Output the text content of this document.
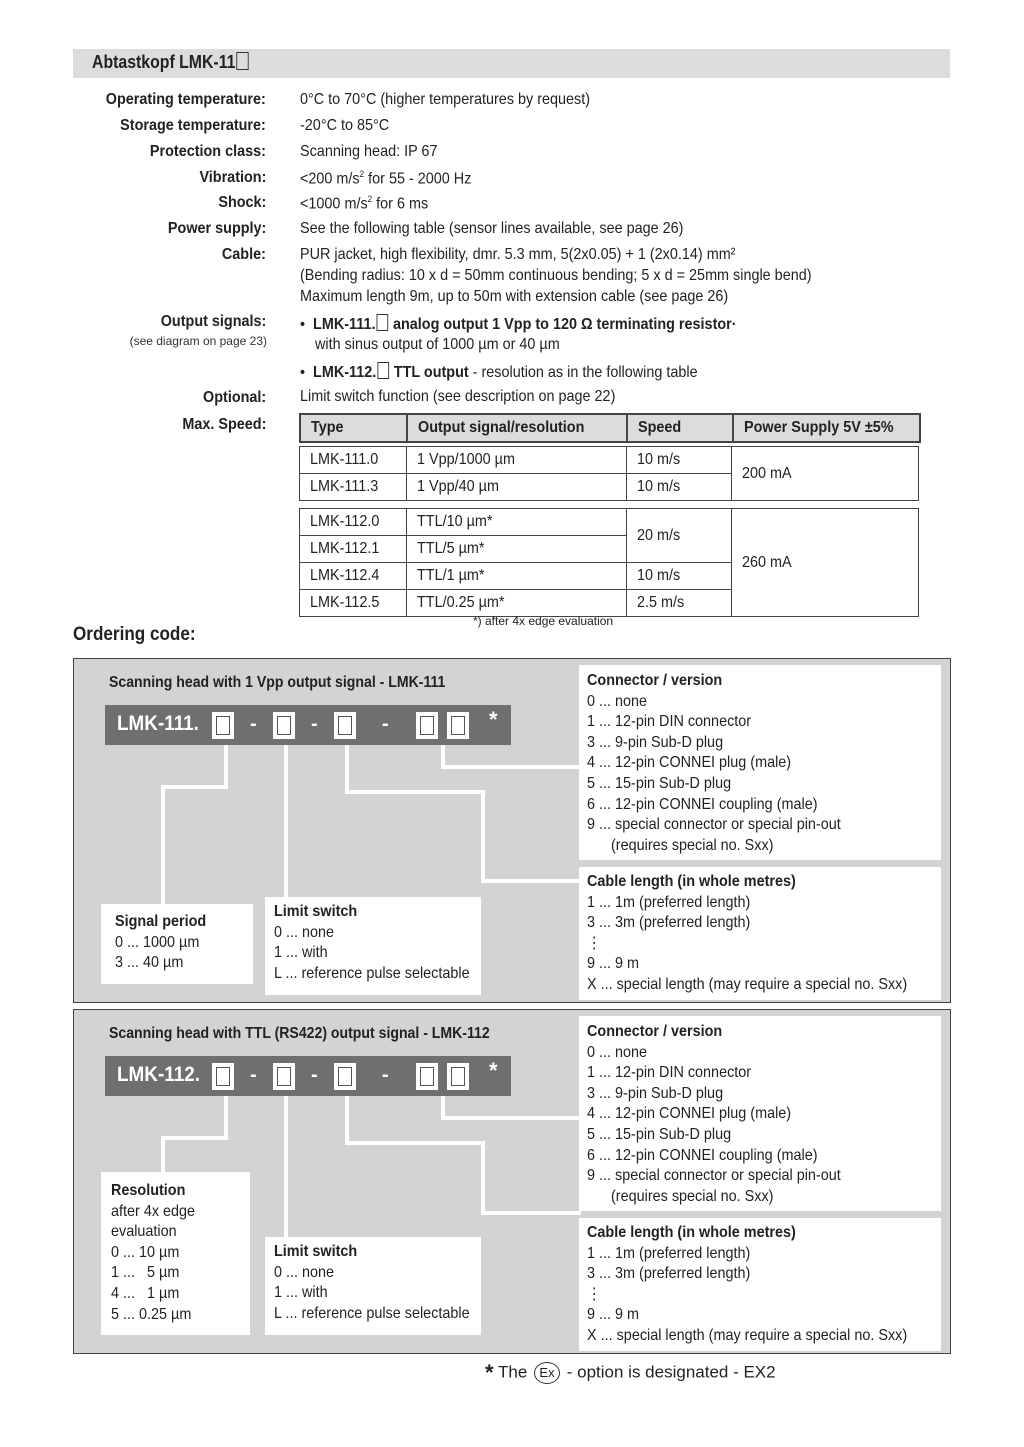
Abtastkopf LMK-11
Operating temperature: 0°C to 70°C (higher temperatures by request)
Storage temperature: -20°C to 85°C
Protection class: Scanning head: IP 67
Vibration: <200 $m/s^2$ for 55 - 2000 Hz
Shock: <1000 $m/s^2$ for 6 ms
Power supply: See the following table (sensor lines available, see page 26)
Cable: PUR jacket, high flexibility, dmr. 5.3 mm, 5(2x0.05) + 1 (2x0.14) mm²
(Bending radius: 10 x d = 50mm continuous bending; 5 x d = 25mm single bend)
Maximum length 9m, up to 50m with extension cable (see page 26)
Output signals:
(see diagram on page 23)
•  LMK-111. analog output 1 Vpp to 120 Ω terminating resistor·
with sinus output of 1000 µm or 40 µm
•  LMK-112. TTL output - resolution as in the following table
Optional: Limit switch function (see description on page 22)
Max. Speed:	Type	Output signal/resolution	Speed	Power Supply 5V ±5%
LMK-111.0	1 Vpp/1000 µm	10 m/s	200 mA
LMK-111.3	1 Vpp/40 µm	10 m/s	
LMK-112.0	TTL/10 µm*	20 m/s	260 mA
LMK-112.1	TTL/5 µm*		
LMK-112.4	TTL/1 µm*	10 m/s	
LMK-112.5	TTL/0.25 µm*	2.5 m/s	
*) after 4x edge evaluation
Ordering code:
Scanning head with 1 Vpp output signal - LMK-111
LMK-111.	-	-	-	*
Signal period
0 ... 1000 µm
3 ... 40 µm
Limit switch
0 ... none
1 ... with
L ... reference pulse selectable
Connector / version
0 ... none
1 ... 12-pin DIN connector
3 ... 9-pin Sub-D plug
4 ... 12-pin CONNEI plug (male)
5 ... 15-pin Sub-D plug
6 ... 12-pin CONNEI coupling (male)
9 ... special connector or special pin-out
(requires special no. Sxx)
Cable length (in whole metres)
1 ... 1m (preferred length)
3 ... 3m (preferred length)
⋮
9 ... 9 m
X ... special length (may require a special no. Sxx)
Scanning head with TTL (RS422) output signal - LMK-112
LMK-112.	-	-	-	*
Resolution
after 4x edge
evaluation
0 ... 10 µm
1 ...   5 µm
4 ...   1 µm
5 ... 0.25 µm
Limit switch
0 ... none
1 ... with
L ... reference pulse selectable
Connector / version
0 ... none
1 ... 12-pin DIN connector
3 ... 9-pin Sub-D plug
4 ... 12-pin CONNEI plug (male)
5 ... 15-pin Sub-D plug
6 ... 12-pin CONNEI coupling (male)
9 ... special connector or special pin-out
(requires special no. Sxx)
Cable length (in whole metres)
1 ... 1m (preferred length)
3 ... 3m (preferred length)
⋮
9 ... 9 m
X ... special length (may require a special no. Sxx)
* The Ex - option is designated - EX2
